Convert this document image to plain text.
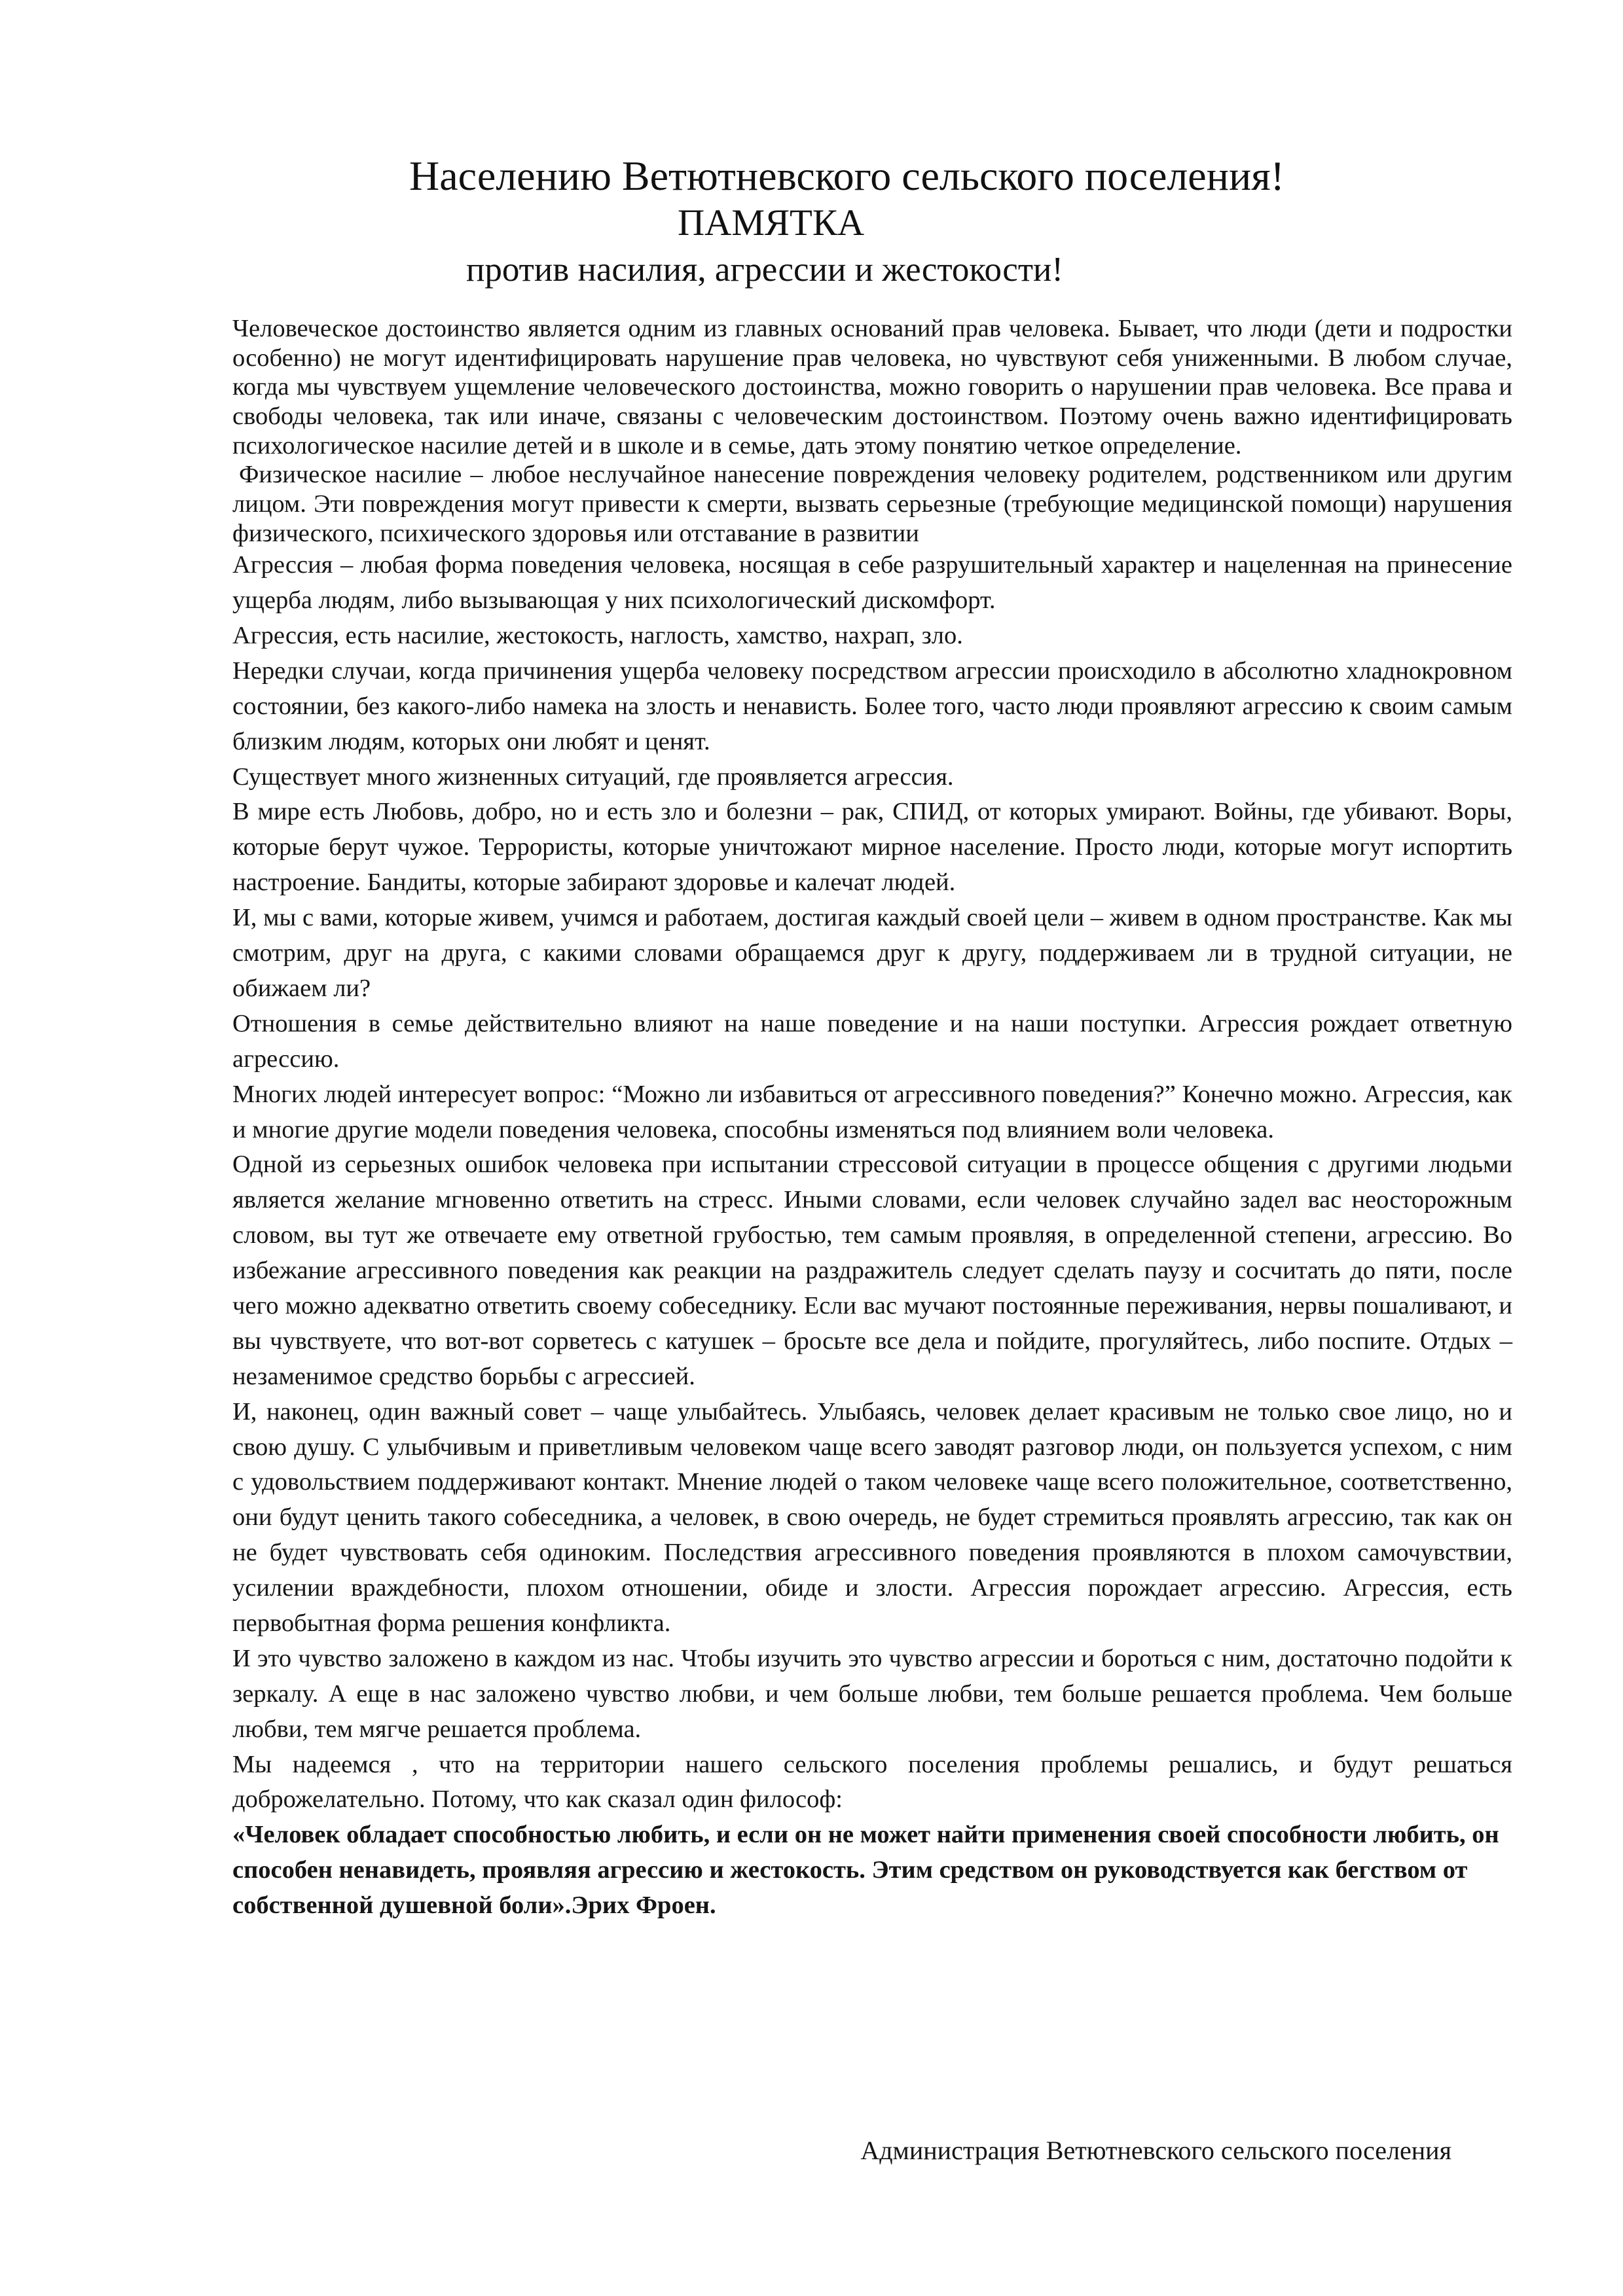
Населению Ветютневского сельского поселения!
ПАМЯТКА
против насилия, агрессии и жестокости!

Человеческое достоинство является одним из главных оснований прав человека. Бывает, что люди (дети и подростки особенно) не могут идентифицировать нарушение прав человека, но чувствуют себя униженными. В любом случае, когда мы чувствуем ущемление человеческого достоинства, можно говорить о нарушении прав человека. Все права и свободы человека, так или иначе, связаны с человеческим достоинством. Поэтому очень важно идентифицировать психологическое насилие детей и в школе и в семье, дать этому понятию четкое определение.

Физическое насилие – любое неслучайное нанесение повреждения человеку родителем, родственником или другим лицом. Эти повреждения могут привести к смерти, вызвать серьезные (требующие медицинской помощи) нарушения физического, психического здоровья или отставание в развитии

Агрессия – любая форма поведения человека, носящая в себе разрушительный характер и нацеленная на принесение ущерба людям, либо вызывающая у них психологический дискомфорт.

Агрессия, есть насилие, жестокость, наглость, хамство, нахрап, зло.

Нередки случаи, когда причинения ущерба человеку посредством агрессии происходило в абсолютно хладнокровном состоянии, без какого-либо намека на злость и ненависть. Более того, часто люди проявляют агрессию к своим самым близким людям, которых они любят и ценят.

Существует много жизненных ситуаций, где проявляется агрессия.

В мире есть Любовь, добро, но и есть зло и болезни – рак, СПИД, от которых умирают. Войны, где убивают. Воры, которые берут чужое. Террористы, которые уничтожают мирное население. Просто люди, которые могут испортить настроение. Бандиты, которые забирают здоровье и калечат людей.

И, мы с вами, которые живем, учимся и работаем, достигая каждый своей цели – живем в одном пространстве. Как мы смотрим, друг на друга, с какими словами обращаемся друг к другу, поддерживаем ли в трудной ситуации, не обижаем ли?

Отношения в семье действительно влияют на наше поведение и на наши поступки. Агрессия рождает ответную агрессию.

Многих людей интересует вопрос: “Можно ли избавиться от агрессивного поведения?” Конечно можно. Агрессия, как и многие другие модели поведения человека, способны изменяться под влиянием воли человека.

Одной из серьезных ошибок человека при испытании стрессовой ситуации в процессе общения с другими людьми является желание мгновенно ответить на стресс. Иными словами, если человек случайно задел вас неосторожным словом, вы тут же отвечаете ему ответной грубостью, тем самым проявляя, в определенной степени, агрессию. Во избежание агрессивного поведения как реакции на раздражитель следует сделать паузу и сосчитать до пяти, после чего можно адекватно ответить своему собеседнику. Если вас мучают постоянные переживания, нервы пошаливают, и вы чувствуете, что вот-вот сорветесь с катушек – бросьте все дела и пойдите, прогуляйтесь, либо поспите. Отдых – незаменимое средство борьбы с агрессией.

И, наконец, один важный совет – чаще улыбайтесь. Улыбаясь, человек делает красивым не только свое лицо, но и свою душу. С улыбчивым и приветливым человеком чаще всего заводят разговор люди, он пользуется успехом, с ним с удовольствием поддерживают контакт. Мнение людей о таком человеке чаще всего положительное, соответственно, они будут ценить такого собеседника, а человек, в свою очередь, не будет стремиться проявлять агрессию, так как он не будет чувствовать себя одиноким. Последствия агрессивного поведения проявляются в плохом самочувствии, усилении враждебности, плохом отношении, обиде и злости. Агрессия порождает агрессию. Агрессия, есть первобытная форма решения конфликта.

И это чувство заложено в каждом из нас. Чтобы изучить это чувство агрессии и бороться с ним, достаточно подойти к зеркалу. А еще в нас заложено чувство любви, и чем больше любви, тем больше решается проблема. Чем больше любви, тем мягче решается проблема.

Мы надеемся , что на территории нашего сельского поселения проблемы решались, и будут решаться доброжелательно. Потому, что как сказал один философ:

«Человек обладает способностью любить, и если он не может найти применения своей способности любить, он способен ненавидеть, проявляя агрессию и жестокость. Этим средством он руководствуется как бегством от собственной душевной боли».Эрих Фроен.

Администрация Ветютневского сельского поселения
